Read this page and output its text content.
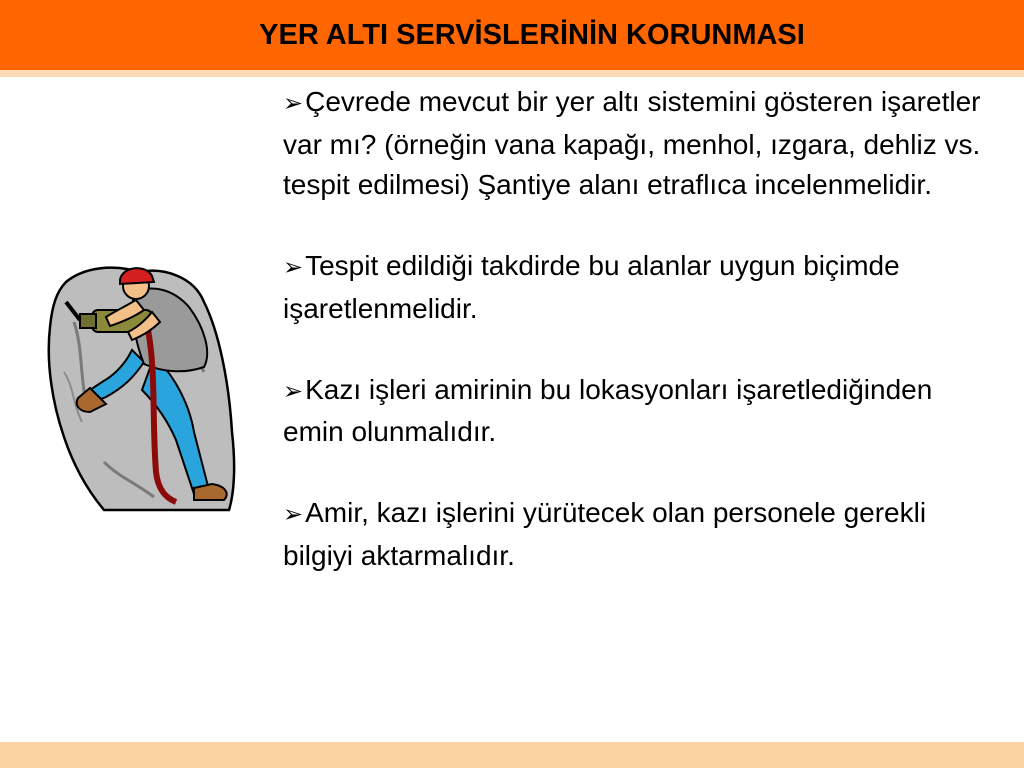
YER ALTI SERVİSLERİNİN KORUNMASI

➢Çevrede mevcut bir yer altı sistemini gösteren işaretler var mı? (örneğin vana kapağı, menhol, ızgara, dehliz vs. tespit edilmesi) Şantiye alanı etraflıca incelenmelidir.

➢Tespit edildiği takdirde bu alanlar uygun biçimde işaretlenmelidir.

➢Kazı işleri amirinin bu lokasyonları işaretlediğinden emin olunmalıdır.

➢Amir, kazı işlerini yürütecek olan personele gerekli bilgiyi aktarmalıdır.
